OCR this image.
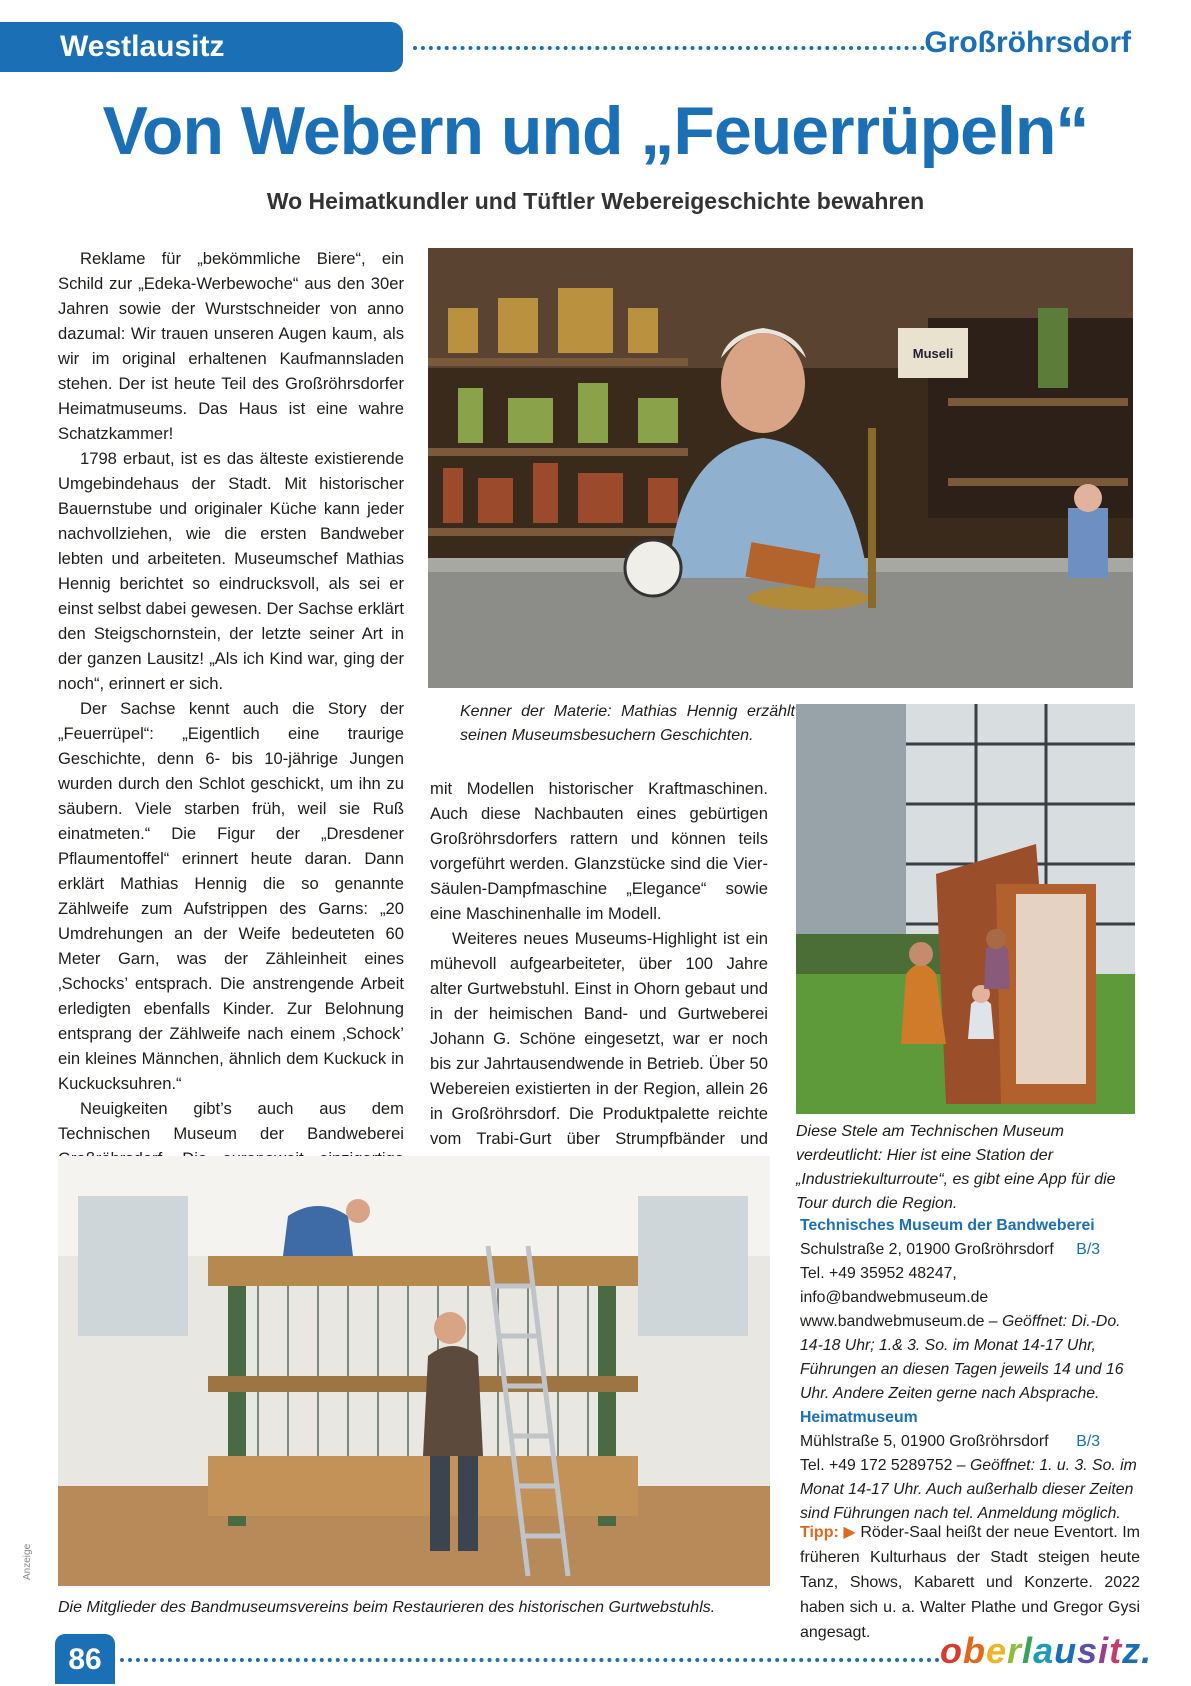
Westlausitz	Großröhrsdorf
Von Webern und „Feuerrüpeln“
Wo Heimatkundler und Tüftler Webereigeschichte bewahren

Reklame für „bekömmliche Biere“, ein Schild zur „Edeka-Werbewoche“ aus den 30er Jahren sowie der Wurstschneider von anno dazumal: Wir trauen unseren Augen kaum, als wir im original erhaltenen Kaufmannsladen stehen. Der ist heute Teil des Großröhrsdorfer Heimatmuseums. Das Haus ist eine wahre Schatzkammer!

1798 erbaut, ist es das älteste existierende Umgebindehaus der Stadt. Mit historischer Bauernstube und originaler Küche kann jeder nachvollziehen, wie die ersten Bandweber lebten und arbeiteten. Museumschef Mathias Hennig berichtet so eindrucksvoll, als sei er einst selbst dabei gewesen. Der Sachse erklärt den Steigschornstein, der letzte seiner Art in der ganzen Lausitz! „Als ich Kind war, ging der noch“, erinnert er sich.

Der Sachse kennt auch die Story der „Feuerrüpel“: „Eigentlich eine traurige Geschichte, denn 6- bis 10-jährige Jungen wurden durch den Schlot geschickt, um ihn zu säubern. Viele starben früh, weil sie Ruß einatmeten.“ Die Figur der „Dresdener Pflaumentoffel“ erinnert heute daran. Dann erklärt Mathias Hennig die so genannte Zählweife zum Aufstrippen des Garns: „20 Umdrehungen an der Weife bedeuteten 60 Meter Garn, was der Zähleinheit eines ‚Schocks’ entsprach. Die anstrengende Arbeit erledigten ebenfalls Kinder. Zur Belohnung entsprang der Zählweife nach einem ‚Schock’ ein kleines Männchen, ähnlich dem Kuckuck in Kuckucksuhren.“

Neuigkeiten gibt’s auch aus dem Technischen Museum der Bandweberei

Museli
Kenner der Materie: Mathias Hennig erzählt seinen Museumsbesuchern Geschichten.
Diese Stele am Technischen Museum verdeutlicht: Hier ist eine Station der „Industriekulturroute“, es gibt eine App für die Tour durch die Region.

mit Modellen historischer Kraftmaschinen. Auch diese Nachbauten eines gebürtigen Großröhrsdorfers rattern und können teils vorgeführt werden. Glanzstücke sind die Vier-Säulen-Dampfmaschine „Elegance“ sowie eine Maschinenhalle im Modell.

Weiteres neues Museums-Highlight ist ein mühevoll aufgearbeiteter, über 100 Jahre alter Gurtwebstuhl. Einst in Ohorn gebaut und in der heimischen Band- und Gurtweberei Johann G. Schöne eingesetzt, war er noch bis zur Jahrtausendwende in Betrieb. Über 50 Webereien existierten in der Region, allein 26 in Großröhrsdorf. Die Produktpalette reichte vom Trabi-Gurt über Strumpfbänder und

Die Mitglieder des Bandmuseumsvereins beim Restaurieren des historischen Gurtwebstuhls.
Technisches Museum der Bandweberei
Schulstraße 2, 01900 Großröhrsdorf B/3
Tel. +49 35952 48247, info@bandwebmuseum.de
www.bandwebmuseum.de – Geöffnet: Di.-Do. 14-18 Uhr; 1.& 3. So. im Monat 14-17 Uhr, Führungen an diesen Tagen jeweils 14 und 16 Uhr. Andere Zeiten gerne nach Absprache.
Heimatmuseum
Mühlstraße 5, 01900 Großröhrsdorf B/3
Tel. +49 172 5289752 – Geöffnet: 1. u. 3. So. im Monat 14-17 Uhr. Auch außerhalb dieser Zeiten sind Führungen nach tel. Anmeldung möglich.
Tipp: ▶ Röder-Saal heißt der neue Eventort. Im früheren Kulturhaus der Stadt steigen heute Tanz, Shows, Kabarett und Konzerte. 2022 haben sich u. a. Walter Plathe und Gregor Gysi angesagt.
Anzeige
86	oberlausitz.
